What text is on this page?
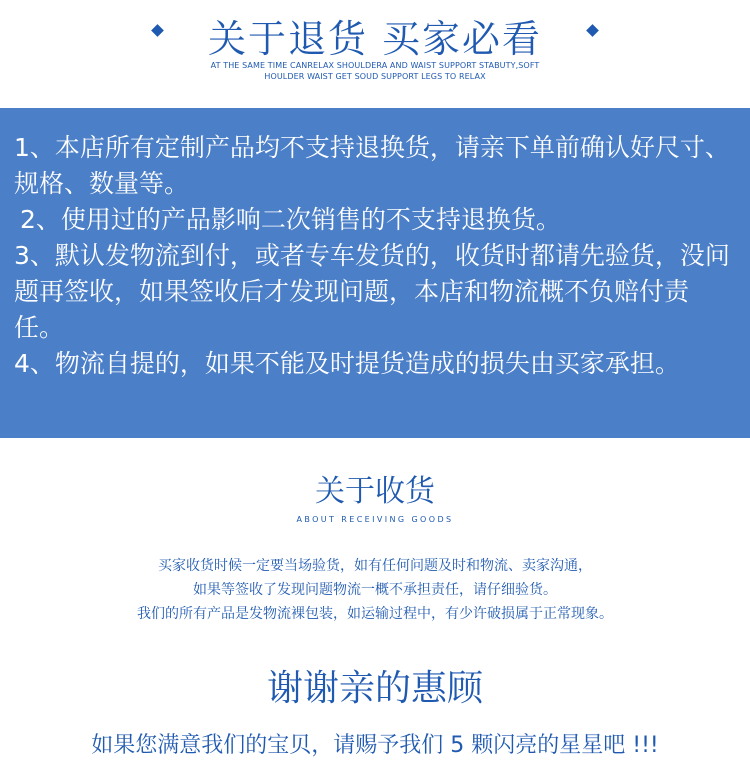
关于退货 买家必看
AT THE SAME TIME CANRELAX SHOULDERA AND WAIST SUPPORT STABUTY,SOFT
HOULDER WAIST GET SOUD SUPPORT LEGS TO RELAX

1、本店所有定制产品均不支持退换货，请亲下单前确认好尺寸、规格、数量等。

2、使用过的产品影响二次销售的不支持退换货。

3、默认发物流到付，或者专车发货的，收货时都请先验货，没问题再签收，如果签收后才发现问题，本店和物流概不负赔付责任。

4、物流自提的，如果不能及时提货造成的损失由买家承担。

关于收货
ABOUT RECEIVING GOODS
买家收货时候一定要当场验货，如有任何问题及时和物流、卖家沟通，
如果等签收了发现问题物流一概不承担责任，请仔细验货。
我们的所有产品是发物流裸包装，如运输过程中，有少许破损属于正常现象。
谢谢亲的惠顾
如果您满意我们的宝贝，请赐予我们 5 颗闪亮的星星吧 !!!
